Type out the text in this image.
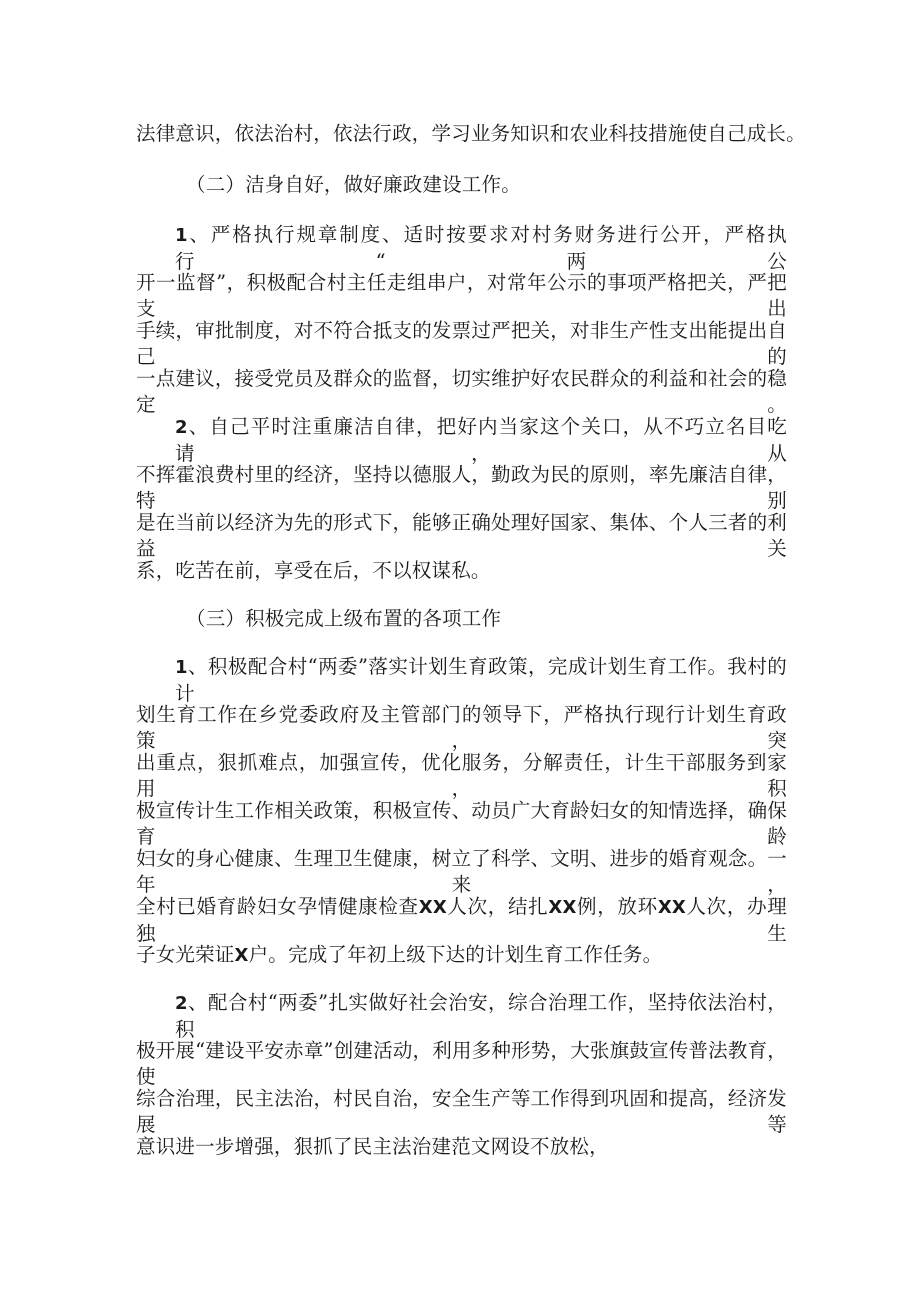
法律意识，依法治村，依法行政，学习业务知识和农业科技措施使自己成长。
（二）洁身自好，做好廉政建设工作。
1、严格执行规章制度、适时按要求对村务财务进行公开，严格执行“两公
开一监督”，积极配合村主任走组串户，对常年公示的事项严格把关，严把支出
手续，审批制度，对不符合抵支的发票过严把关，对非生产性支出能提出自己的
一点建议，接受党员及群众的监督，切实维护好农民群众的利益和社会的稳定。
2、自己平时注重廉洁自律，把好内当家这个关口，从不巧立名目吃请，从
不挥霍浪费村里的经济，坚持以德服人，勤政为民的原则，率先廉洁自律，特别
是在当前以经济为先的形式下，能够正确处理好国家、集体、个人三者的利益关
系，吃苦在前，享受在后，不以权谋私。
（三）积极完成上级布置的各项工作
1、积极配合村“两委”落实计划生育政策，完成计划生育工作。我村的计
划生育工作在乡党委政府及主管部门的领导下，严格执行现行计划生育政策，突
出重点，狠抓难点，加强宣传，优化服务，分解责任，计生干部服务到家用，积
极宣传计生工作相关政策，积极宣传、动员广大育龄妇女的知情选择，确保育龄
妇女的身心健康、生理卫生健康，树立了科学、文明、进步的婚育观念。一年来，
全村已婚育龄妇女孕情健康检查XX人次，结扎XX例，放环XX人次，办理独生
子女光荣证X户。完成了年初上级下达的计划生育工作任务。
2、配合村“两委”扎实做好社会治安，综合治理工作，坚持依法治村，积
极开展“建设平安赤章”创建活动，利用多种形势，大张旗鼓宣传普法教育，使
综合治理，民主法治，村民自治，安全生产等工作得到巩固和提高，经济发展等
意识进一步增强，狠抓了民主法治建范文网设不放松，
